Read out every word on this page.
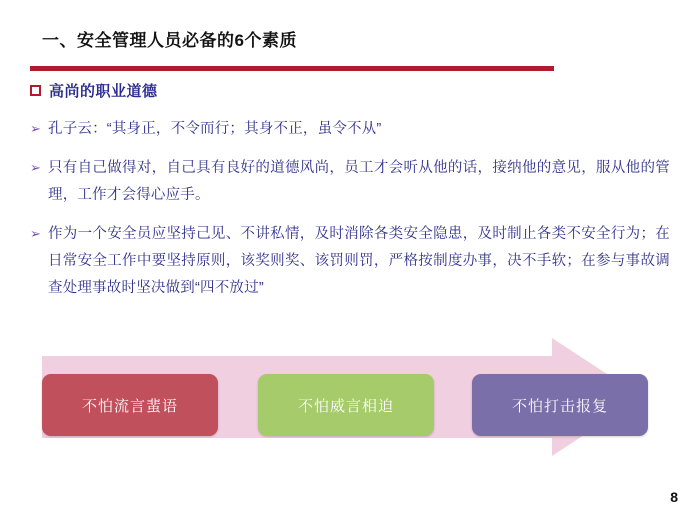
一、安全管理人员必备的6个素质
高尚的职业道德
➢ 孔子云：“其身正，不令而行；其身不正，虽令不从”
➢ 只有自己做得对，自己具有良好的道德风尚，员工才会听从他的话，接纳他的意见，服从他的管理，工作才会得心应手。
➢ 作为一个安全员应坚持己见、不讲私情，及时消除各类安全隐患，及时制止各类不安全行为；在日常安全工作中要坚持原则，该奖则奖、该罚则罚，严格按制度办事，决不手软；在参与事故调查处理事故时坚决做到“四不放过”
不怕流言蜚语	不怕威言相迫	不怕打击报复
8
